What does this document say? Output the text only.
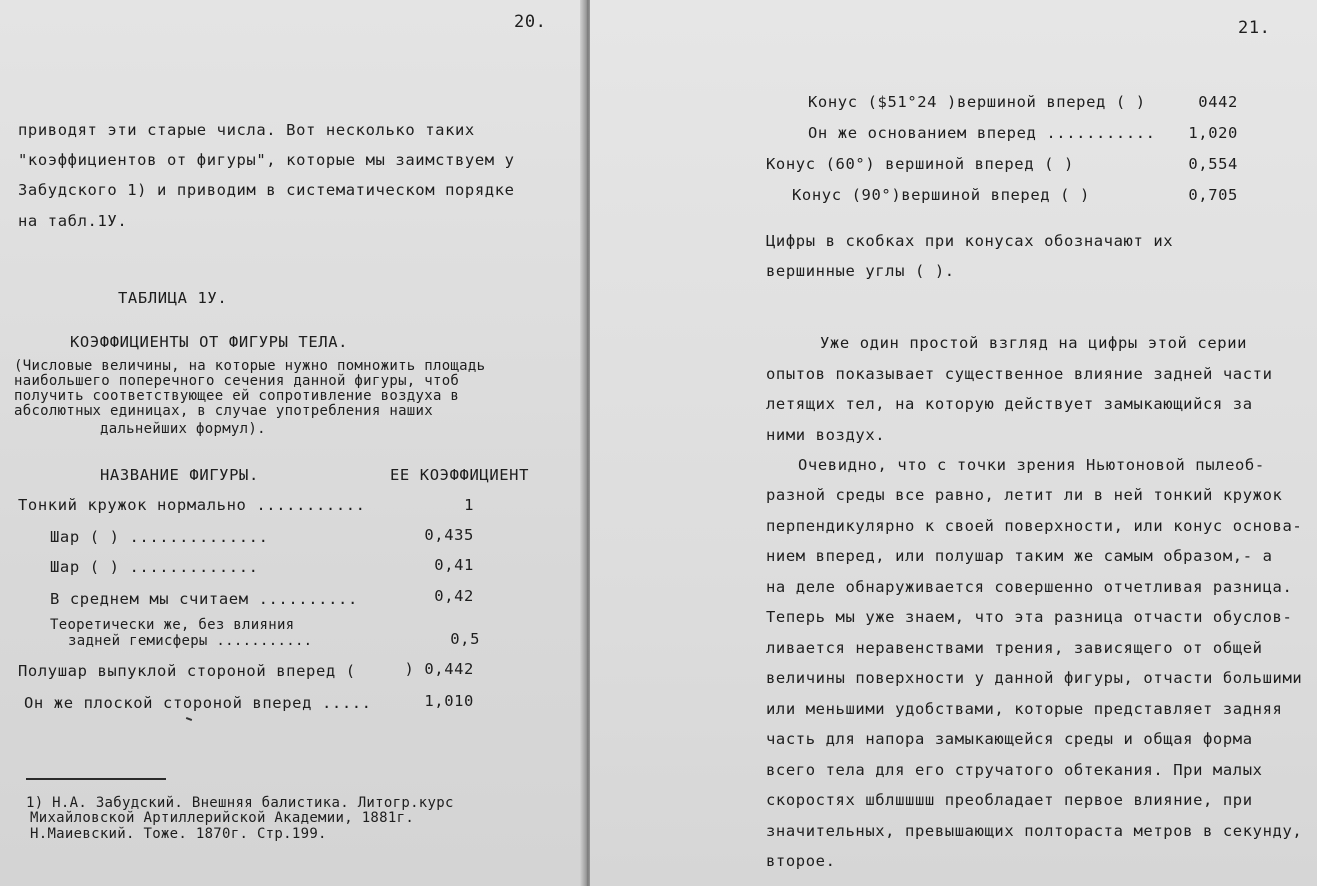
20.
приводят эти старые числа. Вот несколько таких
"коэффициентов от фигуры", которые мы заимствуем у
Забудского 1) и приводим в систематическом порядке
на табл.1У.
ТАБЛИЦА 1У.
КОЭФФИЦИЕНТЫ ОТ ФИГУРЫ ТЕЛА.
(Числовые величины, на которые нужно помножить площадь
наибольшего поперечного сечения данной фигуры, чтоб
получить соответствующее ей сопротивление воздуха в
абсолютных единицах, в случае употребления наших
дальнейших формул).
НАЗВАНИЕ ФИГУРЫ.	ЕЕ КОЭФФИЦИЕНТ
Тонкий кружок нормально ...........	1
Шар ( ) ..............	0,435
Шар ( ) .............	0,41
В среднем мы считаем ..........	0,42
Теоретически же, без влияния
задней гемисферы ...........	0,5
Полушар выпуклой стороной вперед (	) 0,442
Он же плоской стороной вперед .....	1,010
1) Н.А. Забудский. Внешняя балистика. Литогр.курс
Михайловской Артиллерийской Академии, 1881г.
Н.Маиевский. Тоже. 1870г. Стр.199.
21.
Конус ($51°24 )вершиной вперед ( )	0442
Он же основанием вперед ...........	1,020
Конус (60°) вершиной вперед ( )	0,554
Конус (90°)вершиной вперед ( )	0,705
Цифры в скобках при конусах обозначают их
вершинные углы ( ).
Уже один простой взгляд на цифры этой серии
опытов показывает существенное влияние задней части
летящих тел, на которую действует замыкающийся за
ними воздух.
Очевидно, что с точки зрения Ньютоновой пылеоб-
разной среды все равно, летит ли в ней тонкий кружок
перпендикулярно к своей поверхности, или конус основа-
нием вперед, или полушар таким же самым образом,- а
на деле обнаруживается совершенно отчетливая разница.
Теперь мы уже знаем, что эта разница отчасти обуслов-
ливается неравенствами трения, зависящего от общей
величины поверхности у данной фигуры, отчасти большими
или меньшими удобствами, которые представляет задняя
часть для напора замыкающейся среды и общая форма
всего тела для его стручатого обтекания. При малых
скоростях шблшшшш преобладает первое влияние, при
значительных, превышающих полтораста метров в секунду,
второе.
